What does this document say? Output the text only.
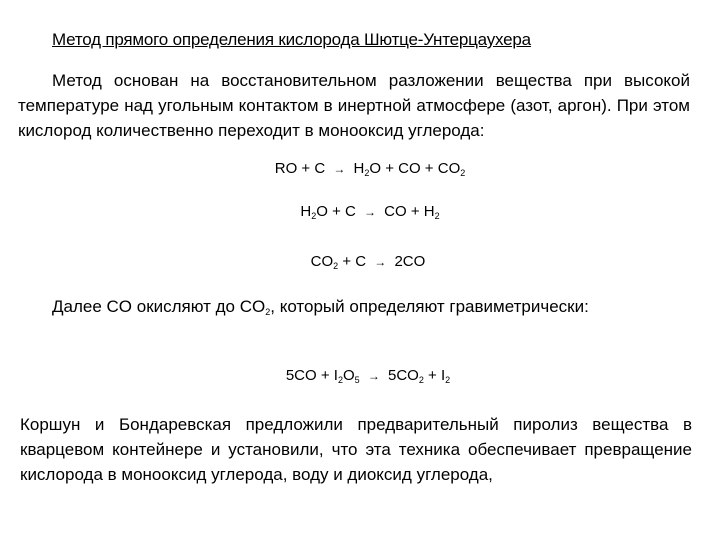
Метод прямого определения кислорода Шютце-Унтерцаухера
Метод основан на восстановительном разложении вещества при высокой температуре над угольным контактом в инертной атмосфере (азот, аргон). При этом кислород количественно переходит в монооксид углерода:
RO + $C \to H_2O$ + CO + $CO_2$
$H_2O + C$ → CO + $H_2$
$CO_2 + C \to 2CO$
Далее CO окисляют до $CO_2$, который определяют гравиметрически:
$5CO + I_2O_5 \to 5CO_2 + I_2$
Коршун и Бондаревская предложили предварительный пиролиз вещества в кварцевом контейнере и установили, что эта техника обеспечивает превращение кислорода в монооксид углерода, воду и диоксид углерода,
